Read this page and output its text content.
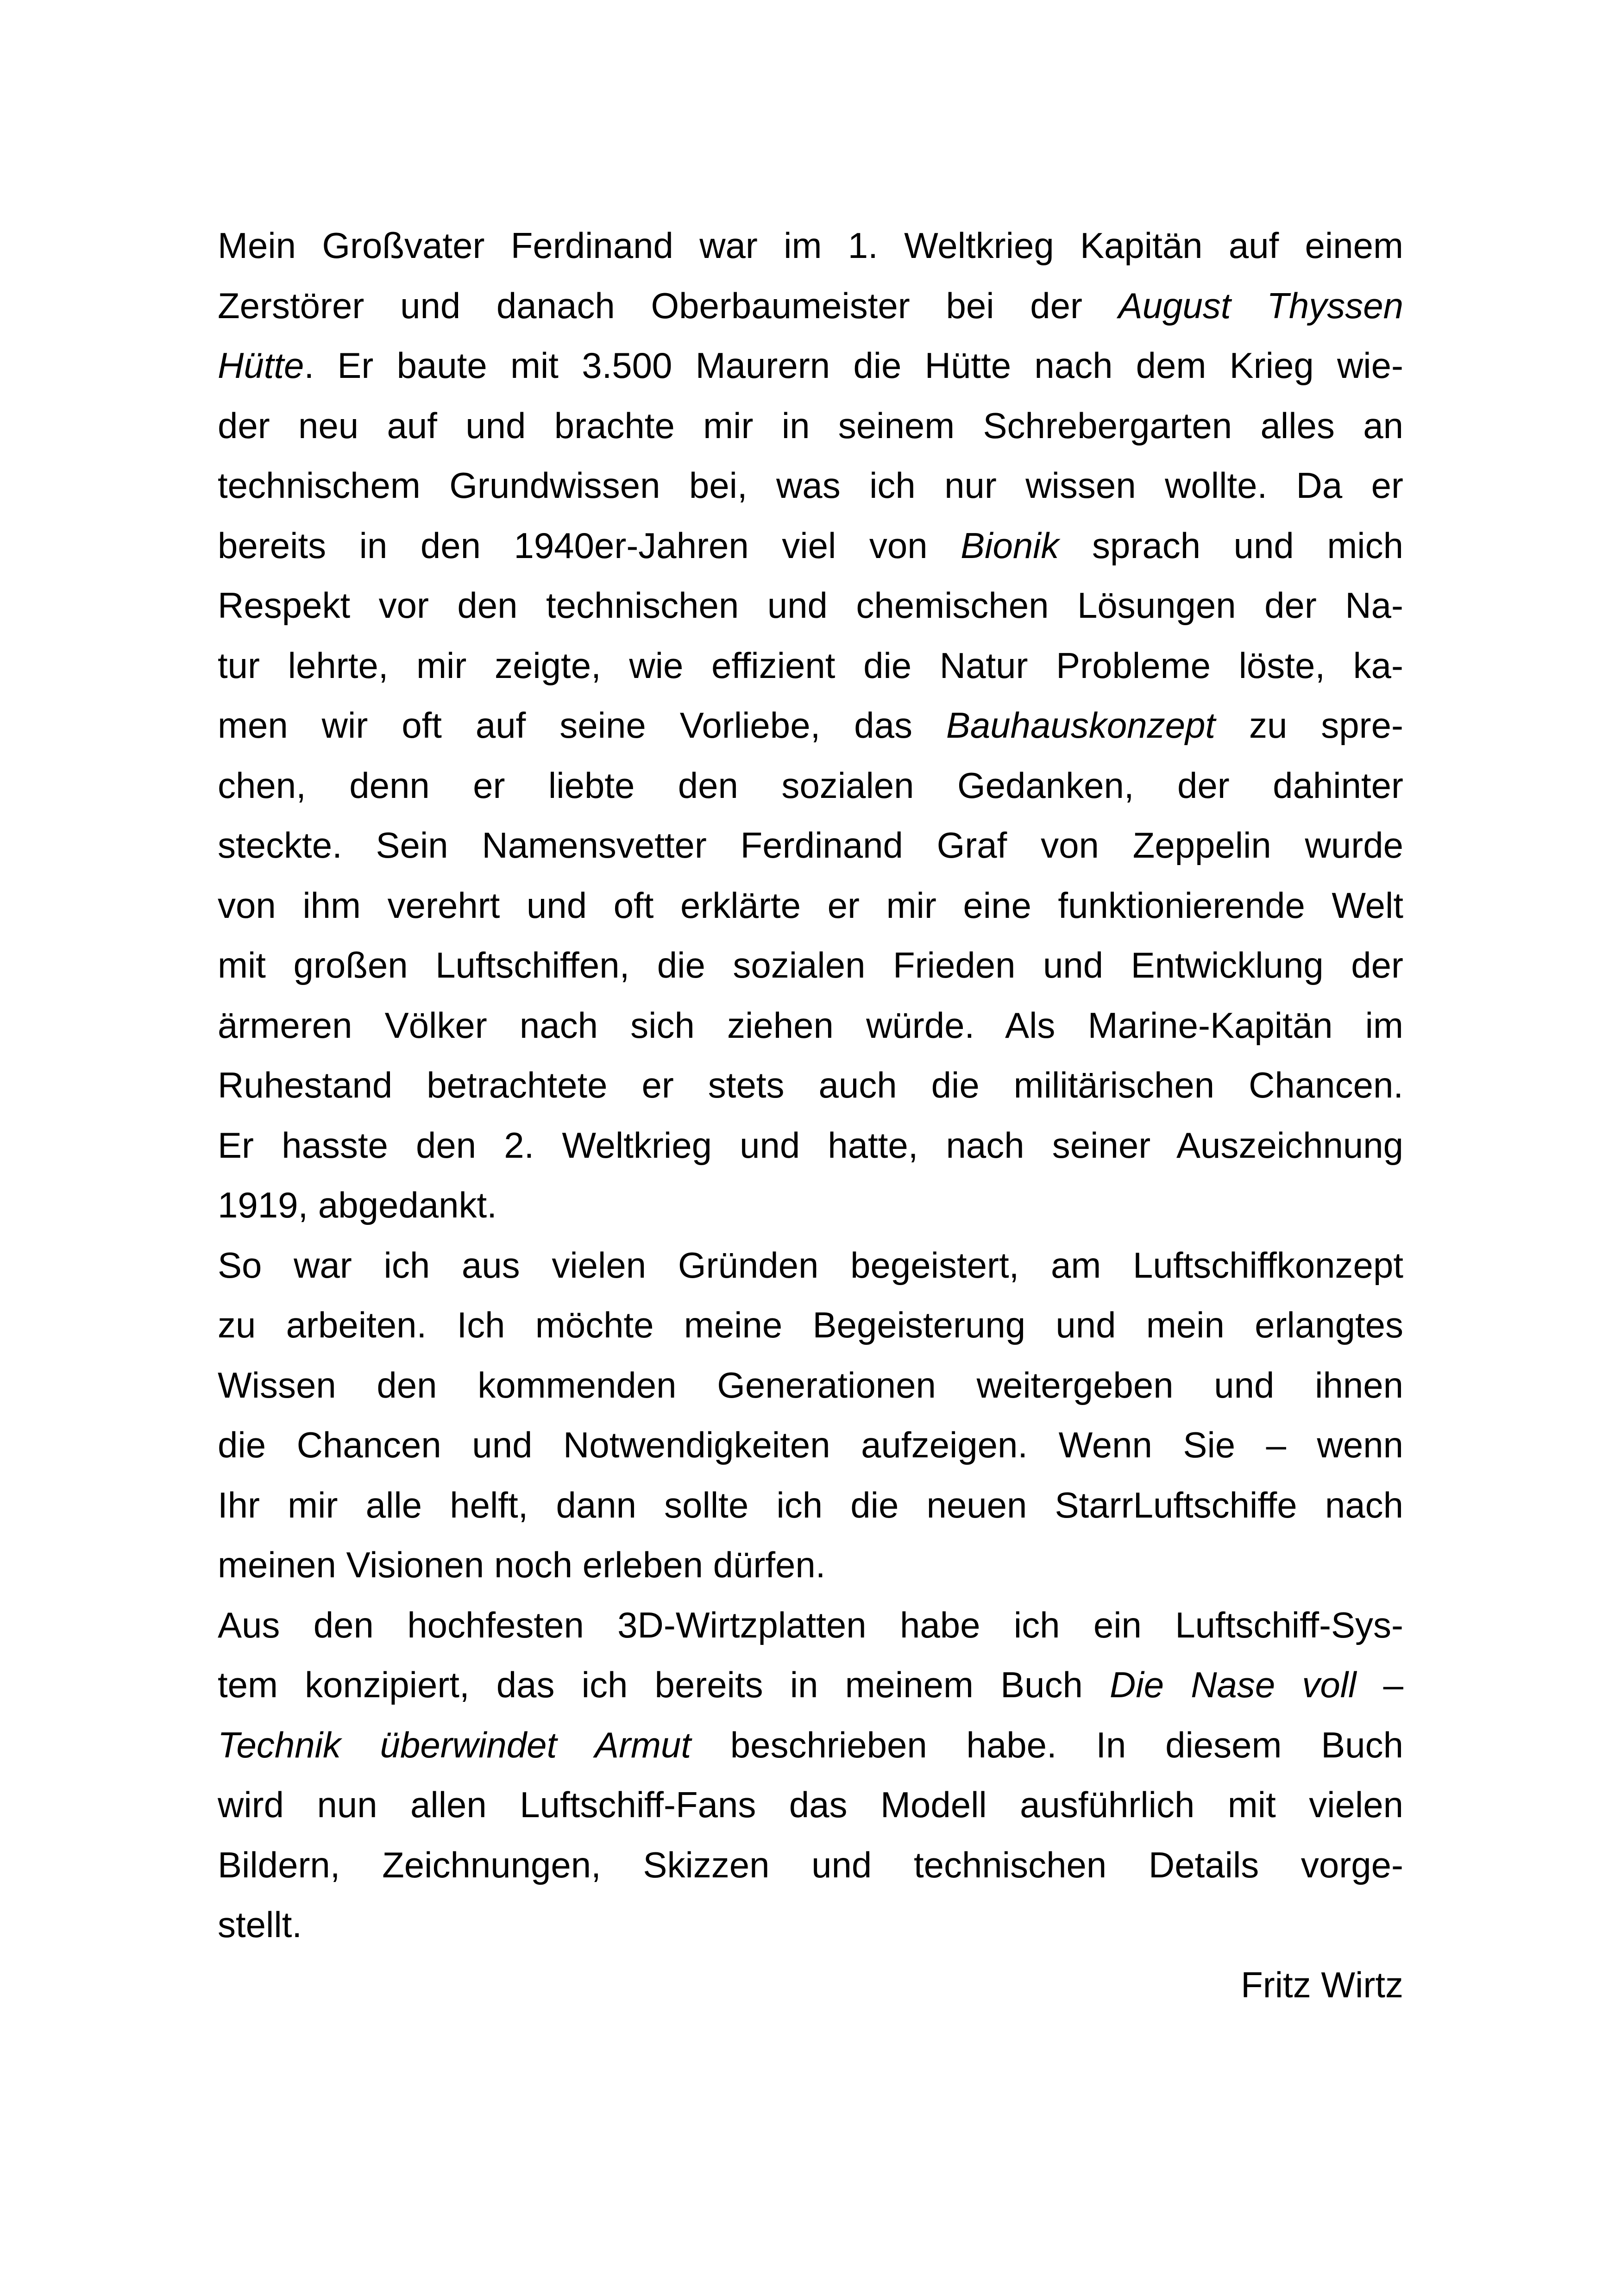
Mein Großvater Ferdinand war im 1. Weltkrieg Kapitän auf einem
Zerstörer und danach Oberbaumeister bei der August Thyssen
Hütte. Er baute mit 3.500 Maurern die Hütte nach dem Krieg wie-
der neu auf und brachte mir in seinem Schrebergarten alles an
technischem Grundwissen bei, was ich nur wissen wollte. Da er
bereits in den 1940er-Jahren viel von Bionik sprach und mich
Respekt vor den technischen und chemischen Lösungen der Na-
tur lehrte, mir zeigte, wie effizient die Natur Probleme löste, ka-
men wir oft auf seine Vorliebe, das Bauhauskonzept zu spre-
chen, denn er liebte den sozialen Gedanken, der dahinter
steckte. Sein Namensvetter Ferdinand Graf von Zeppelin wurde
von ihm verehrt und oft erklärte er mir eine funktionierende Welt
mit großen Luftschiffen, die sozialen Frieden und Entwicklung der
ärmeren Völker nach sich ziehen würde. Als Marine-Kapitän im
Ruhestand betrachtete er stets auch die militärischen Chancen.
Er hasste den 2. Weltkrieg und hatte, nach seiner Auszeichnung
1919, abgedankt.

So war ich aus vielen Gründen begeistert, am Luftschiffkonzept
zu arbeiten. Ich möchte meine Begeisterung und mein erlangtes
Wissen den kommenden Generationen weitergeben und ihnen
die Chancen und Notwendigkeiten aufzeigen. Wenn Sie – wenn
Ihr mir alle helft, dann sollte ich die neuen StarrLuftschiffe nach
meinen Visionen noch erleben dürfen.

Aus den hochfesten 3D-Wirtzplatten habe ich ein Luftschiff-Sys-
tem konzipiert, das ich bereits in meinem Buch Die Nase voll –
Technik überwindet Armut beschrieben habe. In diesem Buch
wird nun allen Luftschiff-Fans das Modell ausführlich mit vielen
Bildern, Zeichnungen, Skizzen und technischen Details vorge-
stellt.

Fritz Wirtz
